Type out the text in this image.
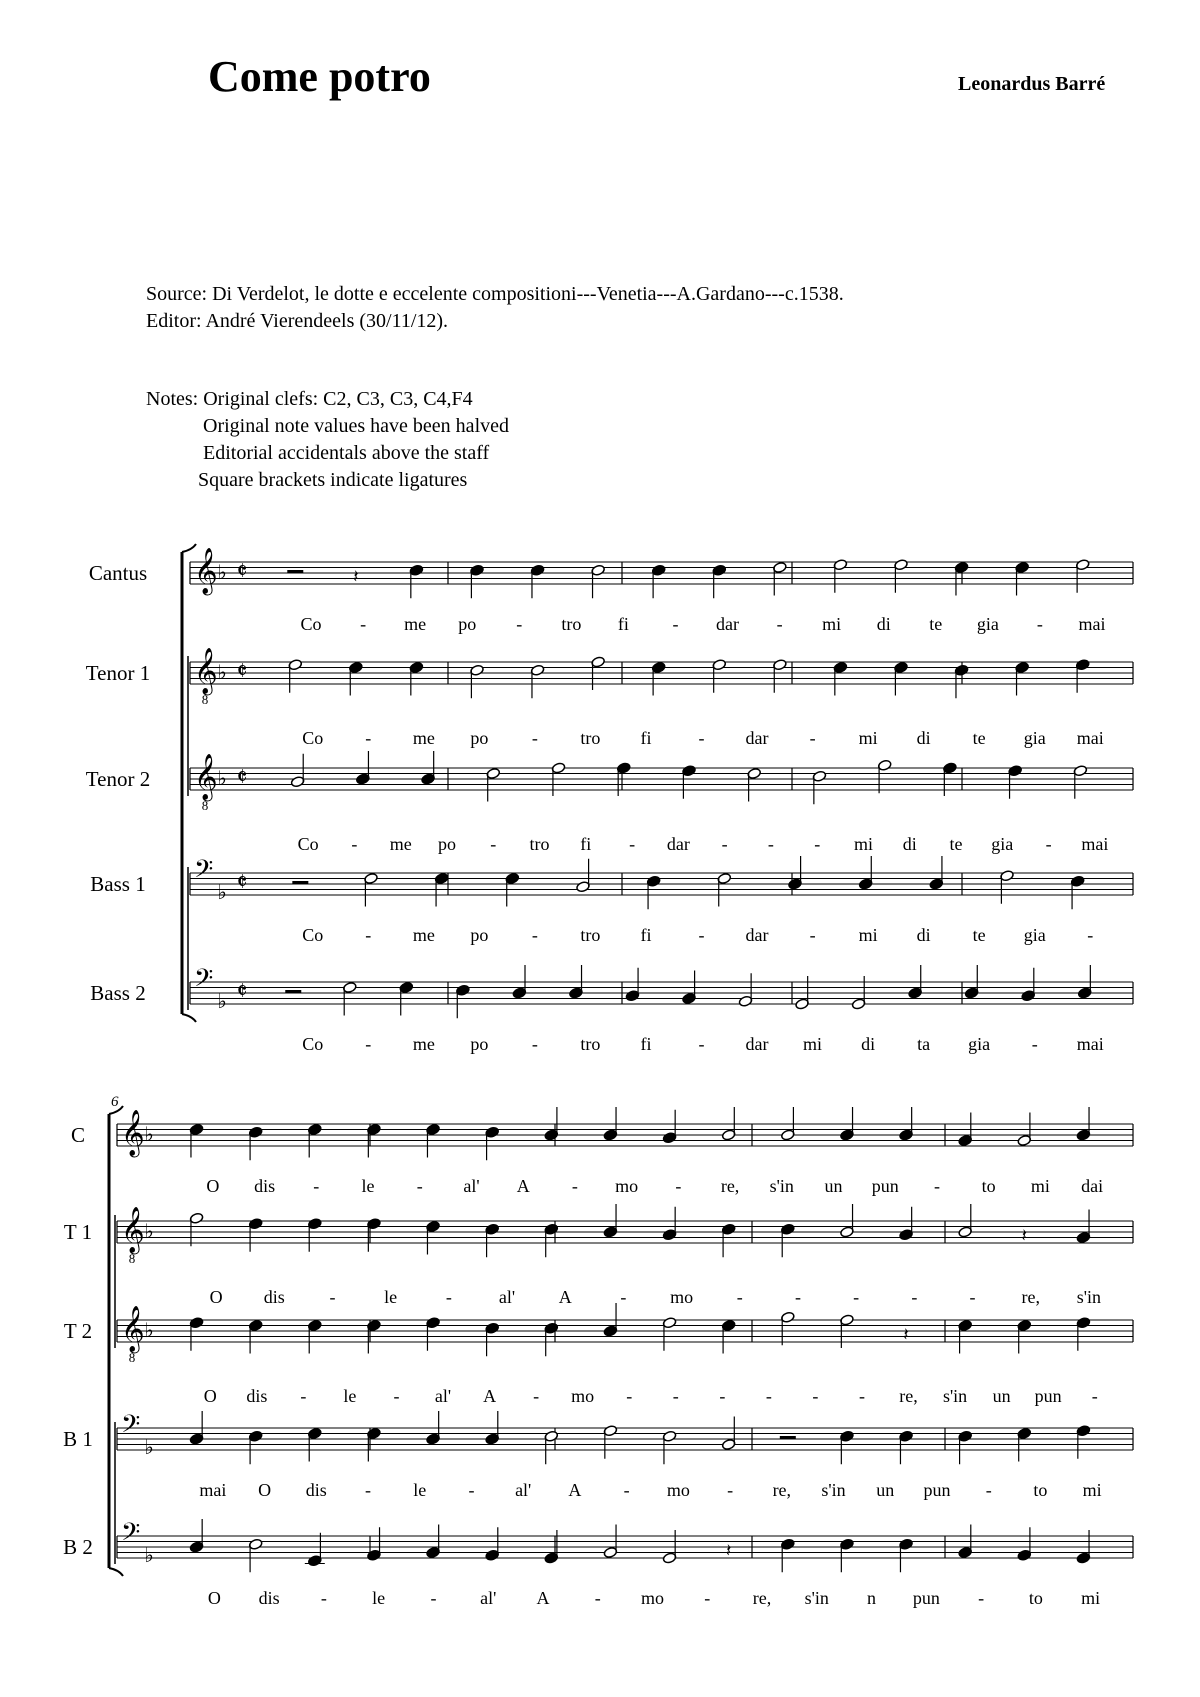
Come potro	Leonardus Barré
Source: Di Verdelot, le dotte e eccelente compositioni---Venetia---A.Gardano---c.1538.
Editor: André Vierendeels (30/11/12).
Notes: Original clefs: C2, C3, C3, C4,F4
Original note values have been halved
Editorial accidentals above the staff
Square brackets indicate ligatures
Cantus 𝄞 ♭ 𝄵	𝄽
Co - me po - tro fi - dar - mi di te gia - mai
Tenor 1 𝄞
8
♭ 𝄵
Co - me po - tro fi	- dar - mi di te gia mai
Tenor 2 𝄞
8
♭ 𝄵
Co - me po - tro fi - dar - - - mi di te gia - mai
Bass 1 𝄢
♭ 𝄵
Co - me po - tro fi	- dar - mi di te gia -
Bass 2 𝄢
♭ 𝄵
Co - me po - tro fi	- dar mi di ta gia - mai
6
C 𝄞 ♭
O dis - le - al' A - mo - re, s'in un pun - to mi dai
T 1 𝄞
8
♭	𝄽
O dis -	le	-	al' A	- mo -	-	-	-	-	re, s'in
T 2 𝄞
8
♭	𝄽
O dis - le - al' A - mo - - - - - - re, s'in un pun -
B 1 𝄢
♭
mai O dis - le - al' A - mo - re, s'in un pun - to mi
B 2 𝄢
♭	𝄽
O dis -	le	- al' A	- mo - re, s'in n pun - to mi
